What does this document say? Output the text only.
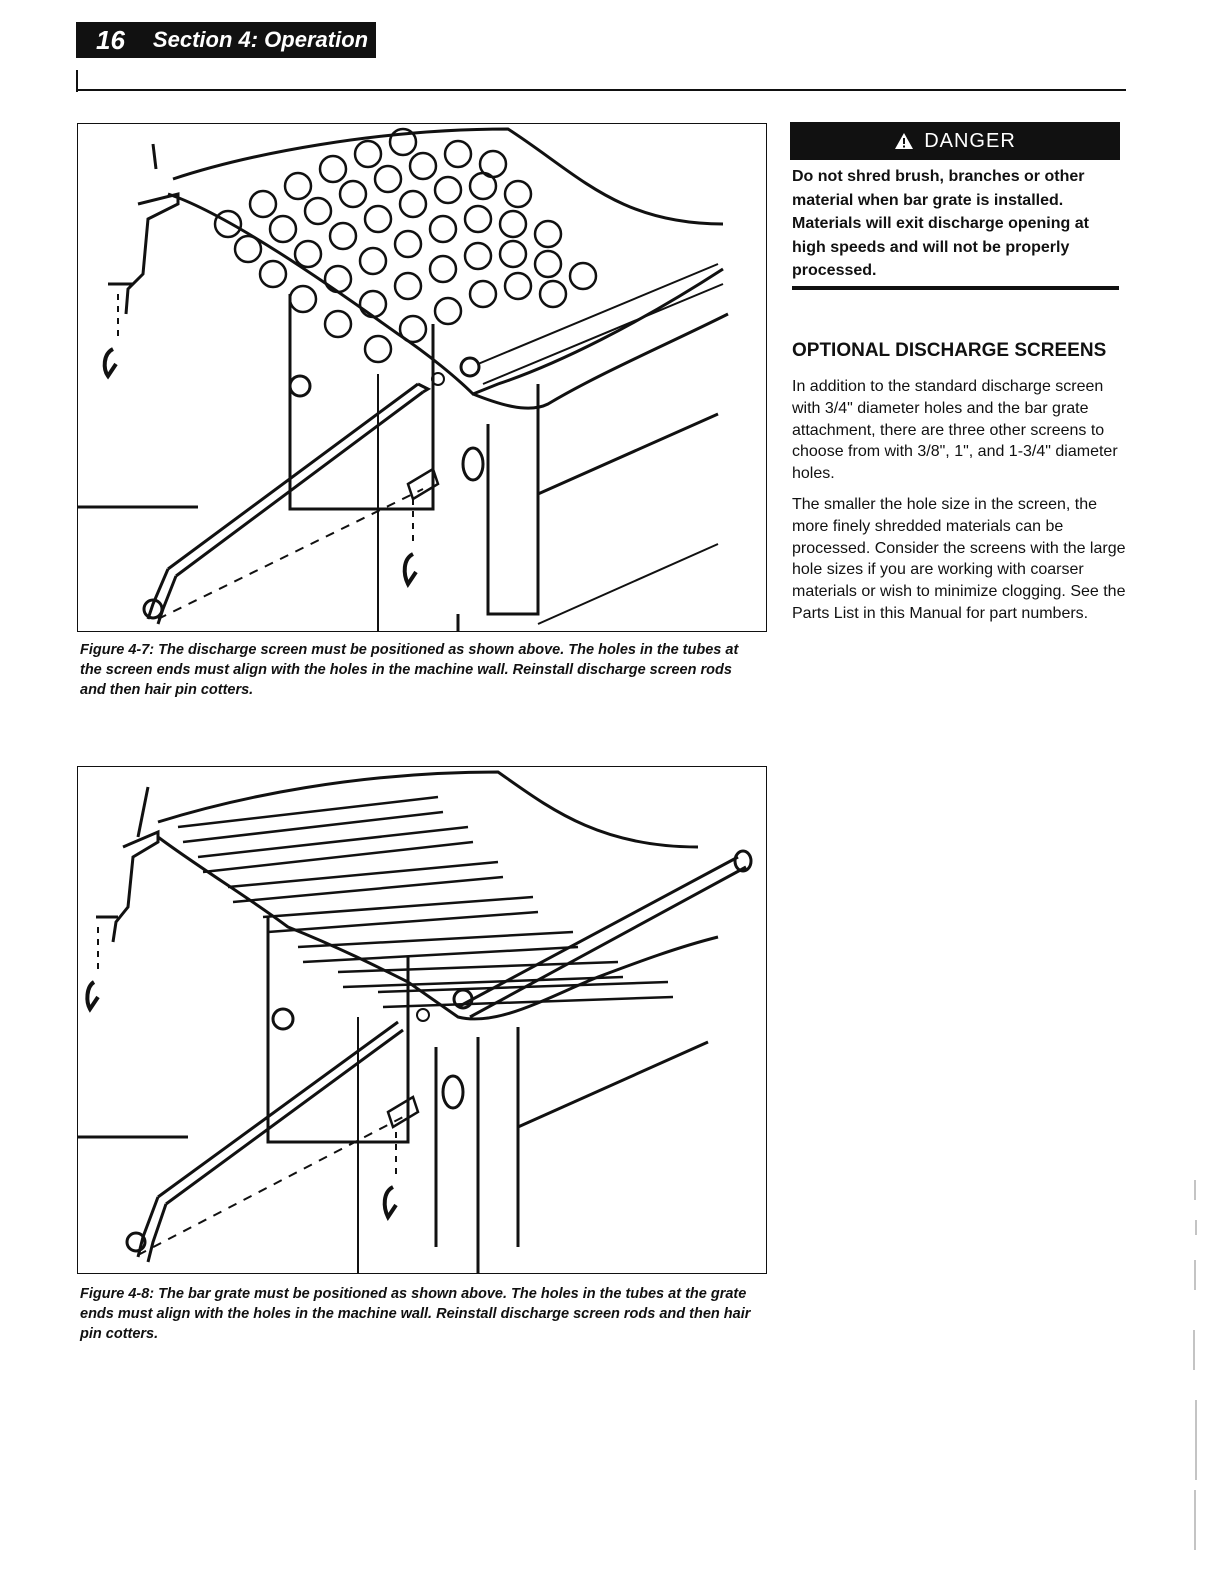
16 Section 4: Operation
Figure 4-7: The discharge screen must be positioned as shown above. The holes in the tubes at the screen ends must align with the holes in the machine wall. Reinstall discharge screen rods and then hair pin cotters.
Figure 4-8: The bar grate must be positioned as shown above. The holes in the tubes at the grate ends must align with the holes in the machine wall. Reinstall discharge screen rods and then hair pin cotters.
DANGER
Do not shred brush, branches or other material when bar grate is installed. Materials will exit discharge opening at high speeds and will not be properly processed.
OPTIONAL DISCHARGE SCREENS
In addition to the standard discharge screen with 3/4" diameter holes and the bar grate attachment, there are three other screens to choose from with 3/8", 1", and 1-3/4" diameter holes.
The smaller the hole size in the screen, the more finely shredded materials can be processed. Consider the screens with the large hole sizes if you are working with coarser materials or wish to minimize clogging. See the Parts List in this Manual for part numbers.
